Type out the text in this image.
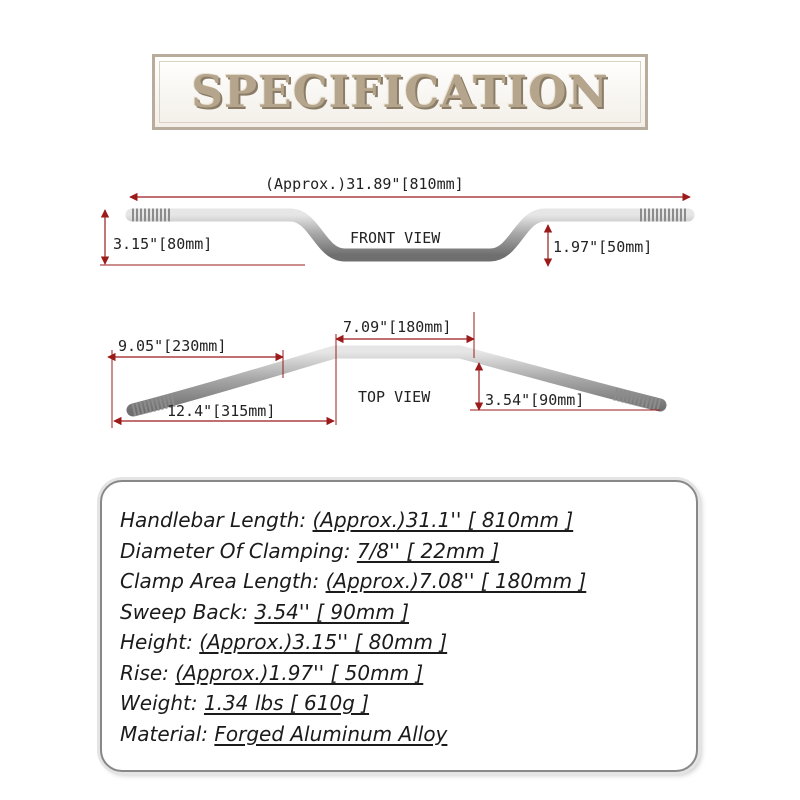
SPECIFICATION
(Approx.)31.89"[810mm]
3.15"[80mm]	1.97"[50mm]
FRONT VIEW
7.09"[180mm]
9.05"[230mm]
12.4"[315mm]
3.54"[90mm]
TOP VIEW
Handlebar Length: (Approx.)31.1'' [ 810mm ]
Diameter Of Clamping: 7/8'' [ 22mm ]
Clamp Area Length: (Approx.)7.08'' [ 180mm ]
Sweep Back: 3.54'' [ 90mm ]
Height: (Approx.)3.15'' [ 80mm ]
Rise: (Approx.)1.97'' [ 50mm ]
Weight: 1.34 lbs [ 610g ]
Material: Forged Aluminum Alloy
